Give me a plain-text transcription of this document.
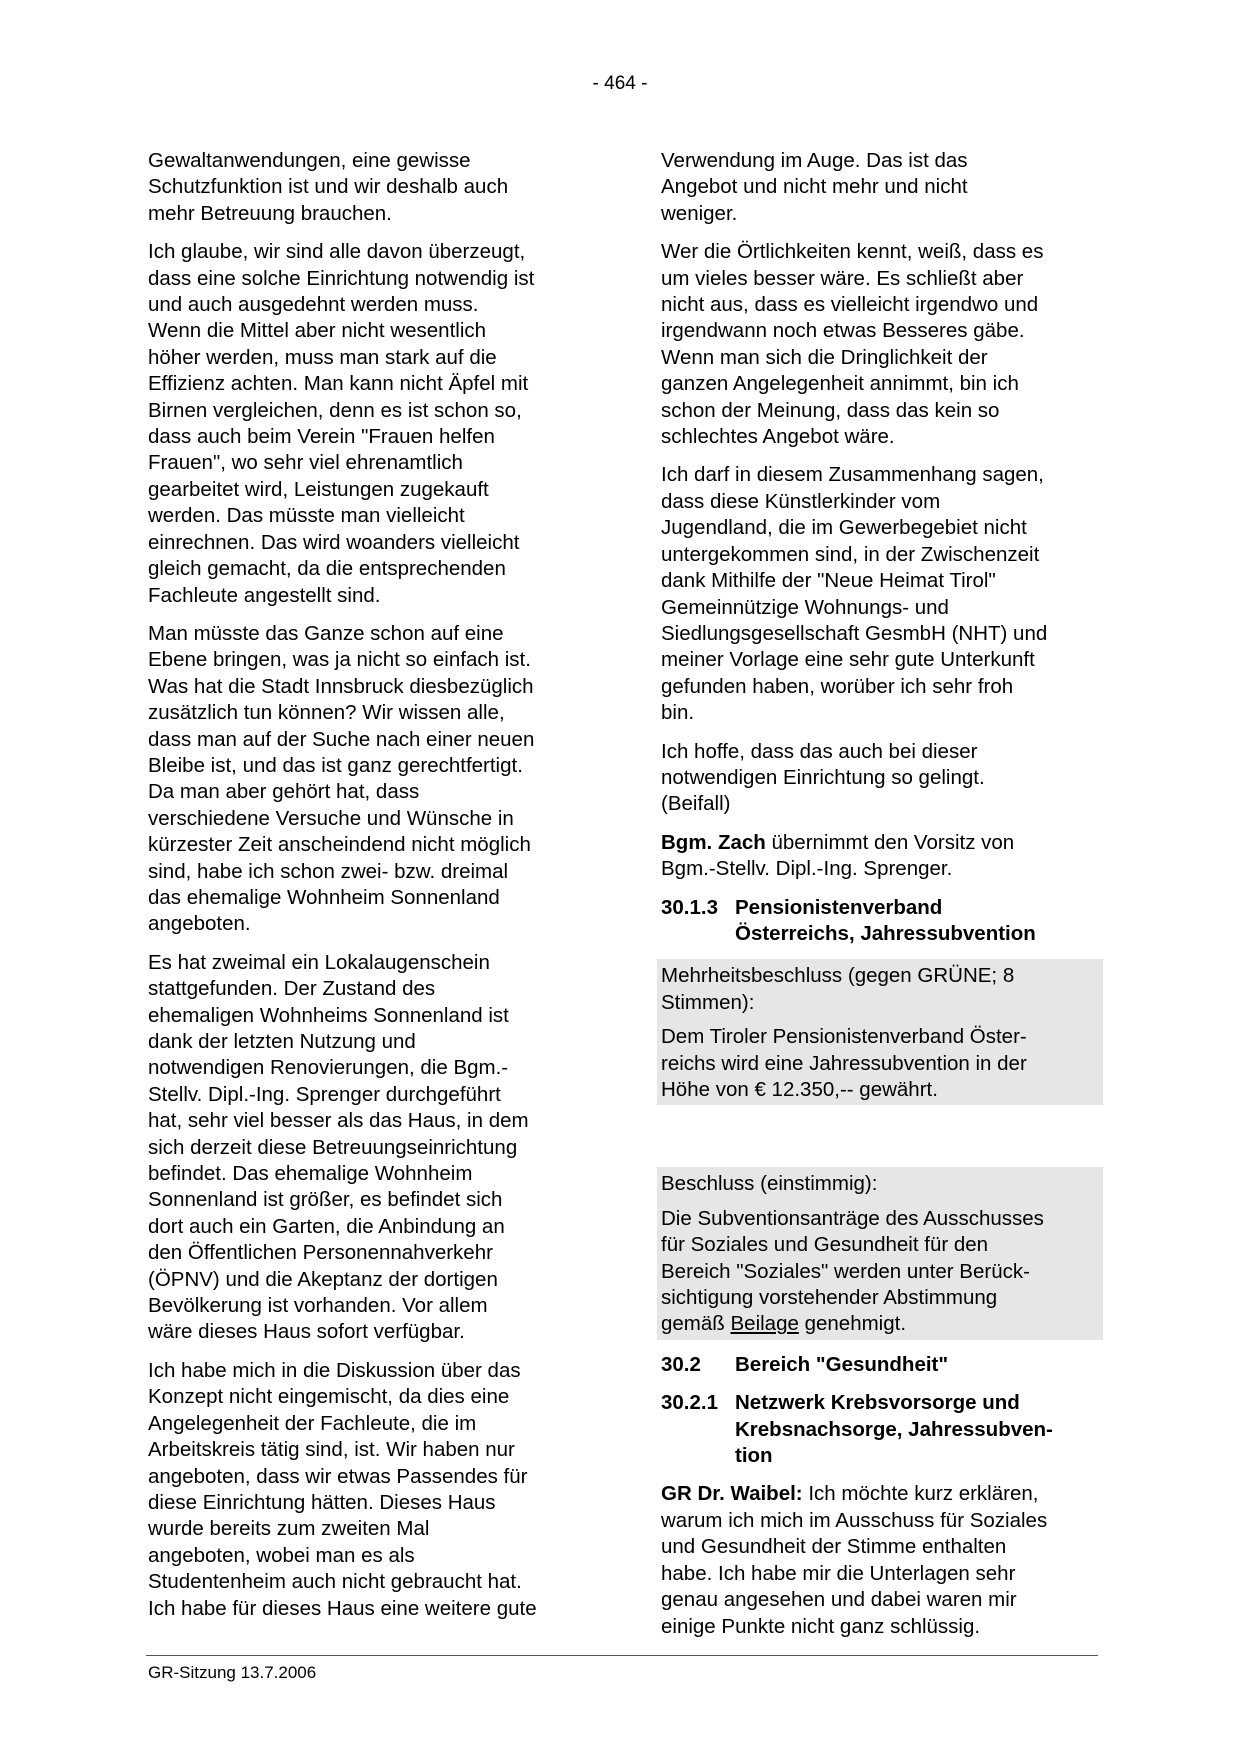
- 464 -

Gewaltanwendungen, eine gewisse
Schutzfunktion ist und wir deshalb auch
mehr Betreuung brauchen.

Ich glaube, wir sind alle davon überzeugt,
dass eine solche Einrichtung notwendig ist
und auch ausgedehnt werden muss.
Wenn die Mittel aber nicht wesentlich
höher werden, muss man stark auf die
Effizienz achten. Man kann nicht Äpfel mit
Birnen vergleichen, denn es ist schon so,
dass auch beim Verein "Frauen helfen
Frauen", wo sehr viel ehrenamtlich
gearbeitet wird, Leistungen zugekauft
werden. Das müsste man vielleicht
einrechnen. Das wird woanders vielleicht
gleich gemacht, da die entsprechenden
Fachleute angestellt sind.

Man müsste das Ganze schon auf eine
Ebene bringen, was ja nicht so einfach ist.
Was hat die Stadt Innsbruck diesbezüglich
zusätzlich tun können? Wir wissen alle,
dass man auf der Suche nach einer neuen
Bleibe ist, und das ist ganz gerechtfertigt.
Da man aber gehört hat, dass
verschiedene Versuche und Wünsche in
kürzester Zeit anscheindend nicht möglich
sind, habe ich schon zwei- bzw. dreimal
das ehemalige Wohnheim Sonnenland
angeboten.

Es hat zweimal ein Lokalaugenschein
stattgefunden. Der Zustand des
ehemaligen Wohnheims Sonnenland ist
dank der letzten Nutzung und
notwendigen Renovierungen, die Bgm.-
Stellv. Dipl.-Ing. Sprenger durchgeführt
hat, sehr viel besser als das Haus, in dem
sich derzeit diese Betreuungseinrichtung
befindet. Das ehemalige Wohnheim
Sonnenland ist größer, es befindet sich
dort auch ein Garten, die Anbindung an
den Öffentlichen Personennahverkehr
(ÖPNV) und die Akeptanz der dortigen
Bevölkerung ist vorhanden. Vor allem
wäre dieses Haus sofort verfügbar.

Ich habe mich in die Diskussion über das
Konzept nicht eingemischt, da dies eine
Angelegenheit der Fachleute, die im
Arbeitskreis tätig sind, ist. Wir haben nur
angeboten, dass wir etwas Passendes für
diese Einrichtung hätten. Dieses Haus
wurde bereits zum zweiten Mal
angeboten, wobei man es als
Studentenheim auch nicht gebraucht hat.
Ich habe für dieses Haus eine weitere gute

Verwendung im Auge. Das ist das
Angebot und nicht mehr und nicht
weniger.

Wer die Örtlichkeiten kennt, weiß, dass es
um vieles besser wäre. Es schließt aber
nicht aus, dass es vielleicht irgendwo und
irgendwann noch etwas Besseres gäbe.
Wenn man sich die Dringlichkeit der
ganzen Angelegenheit annimmt, bin ich
schon der Meinung, dass das kein so
schlechtes Angebot wäre.

Ich darf in diesem Zusammenhang sagen,
dass diese Künstlerkinder vom
Jugendland, die im Gewerbegebiet nicht
untergekommen sind, in der Zwischenzeit
dank Mithilfe der "Neue Heimat Tirol"
Gemeinnützige Wohnungs- und
Siedlungsgesellschaft GesmbH (NHT) und
meiner Vorlage eine sehr gute Unterkunft
gefunden haben, worüber ich sehr froh
bin.

Ich hoffe, dass das auch bei dieser
notwendigen Einrichtung so gelingt.
(Beifall)

Bgm. Zach übernimmt den Vorsitz von
Bgm.-Stellv. Dipl.-Ing. Sprenger.

30.1.3 Pensionistenverband
Österreichs, Jahressubvention

Mehrheitsbeschluss (gegen GRÜNE; 8
Stimmen):

Dem Tiroler Pensionistenverband Öster-
reichs wird eine Jahressubvention in der
Höhe von € 12.350,-- gewährt.

Beschluss (einstimmig):

Die Subventionsanträge des Ausschusses
für Soziales und Gesundheit für den
Bereich "Soziales" werden unter Berück-
sichtigung vorstehender Abstimmung
gemäß Beilage genehmigt.

30.2	Bereich "Gesundheit"
30.2.1 Netzwerk Krebsvorsorge und
Krebsnachsorge, Jahressubven-
tion

GR Dr. Waibel: Ich möchte kurz erklären,
warum ich mich im Ausschuss für Soziales
und Gesundheit der Stimme enthalten
habe. Ich habe mir die Unterlagen sehr
genau angesehen und dabei waren mir
einige Punkte nicht ganz schlüssig.

GR-Sitzung 13.7.2006
